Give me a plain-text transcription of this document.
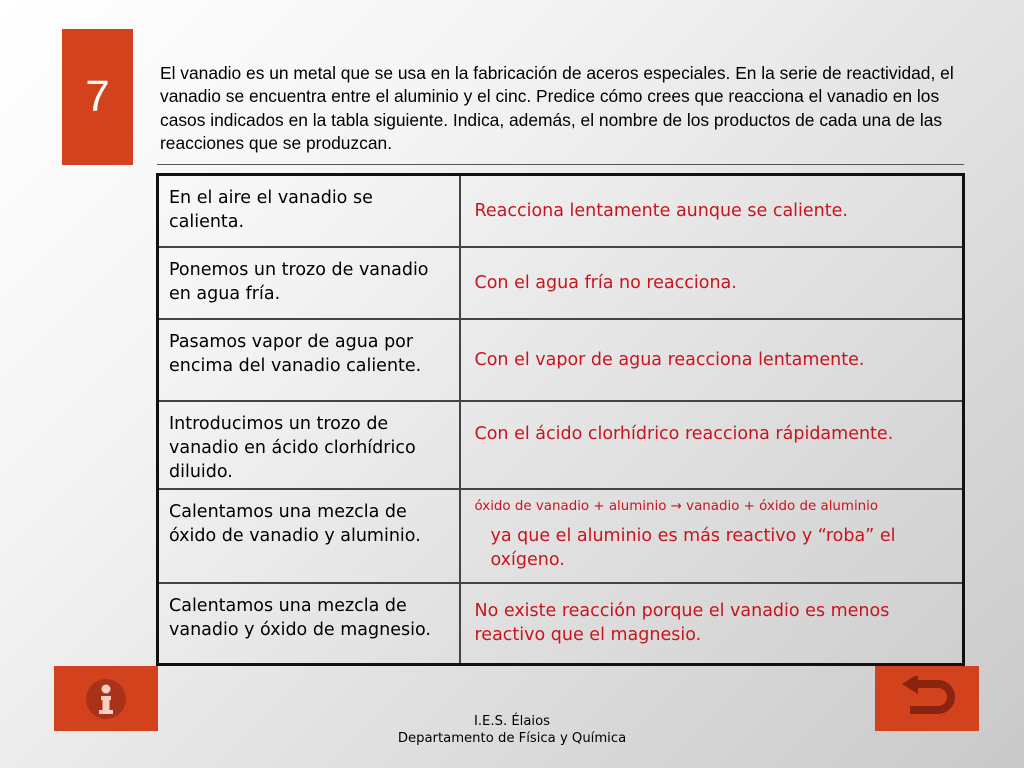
7	El vanadio es un metal que se usa en la fabricación de aceros especiales. En la serie de reactividad, el vanadio se encuentra entre el aluminio y el cinc. Predice cómo crees que reacciona el vanadio en los casos indicados en la tabla siguiente. Indica, además, el nombre de los productos de cada una de las reacciones que se produzcan.
En el aire el vanadio se calienta.	Reacciona lentamente aunque se caliente.
Ponemos un trozo de vanadio en agua fría.	Con el agua fría no reacciona.
Pasamos vapor de agua por encima del vanadio caliente.	Con el vapor de agua reacciona lentamente.
Introducimos un trozo de vanadio en ácido clorhídrico diluido.	Con el ácido clorhídrico reacciona rápidamente.
Calentamos una mezcla de óxido de vanadio y aluminio.	óxido de vanadio + aluminio → vanadio + óxido de aluminio
ya que el aluminio es más reactivo y “roba” el oxígeno.

Calentamos una mezcla de vanadio y óxido de magnesio.	No existe reacción porque el vanadio es menos reactivo que el magnesio.
I.E.S. Élaios
Departamento de Física y Química
